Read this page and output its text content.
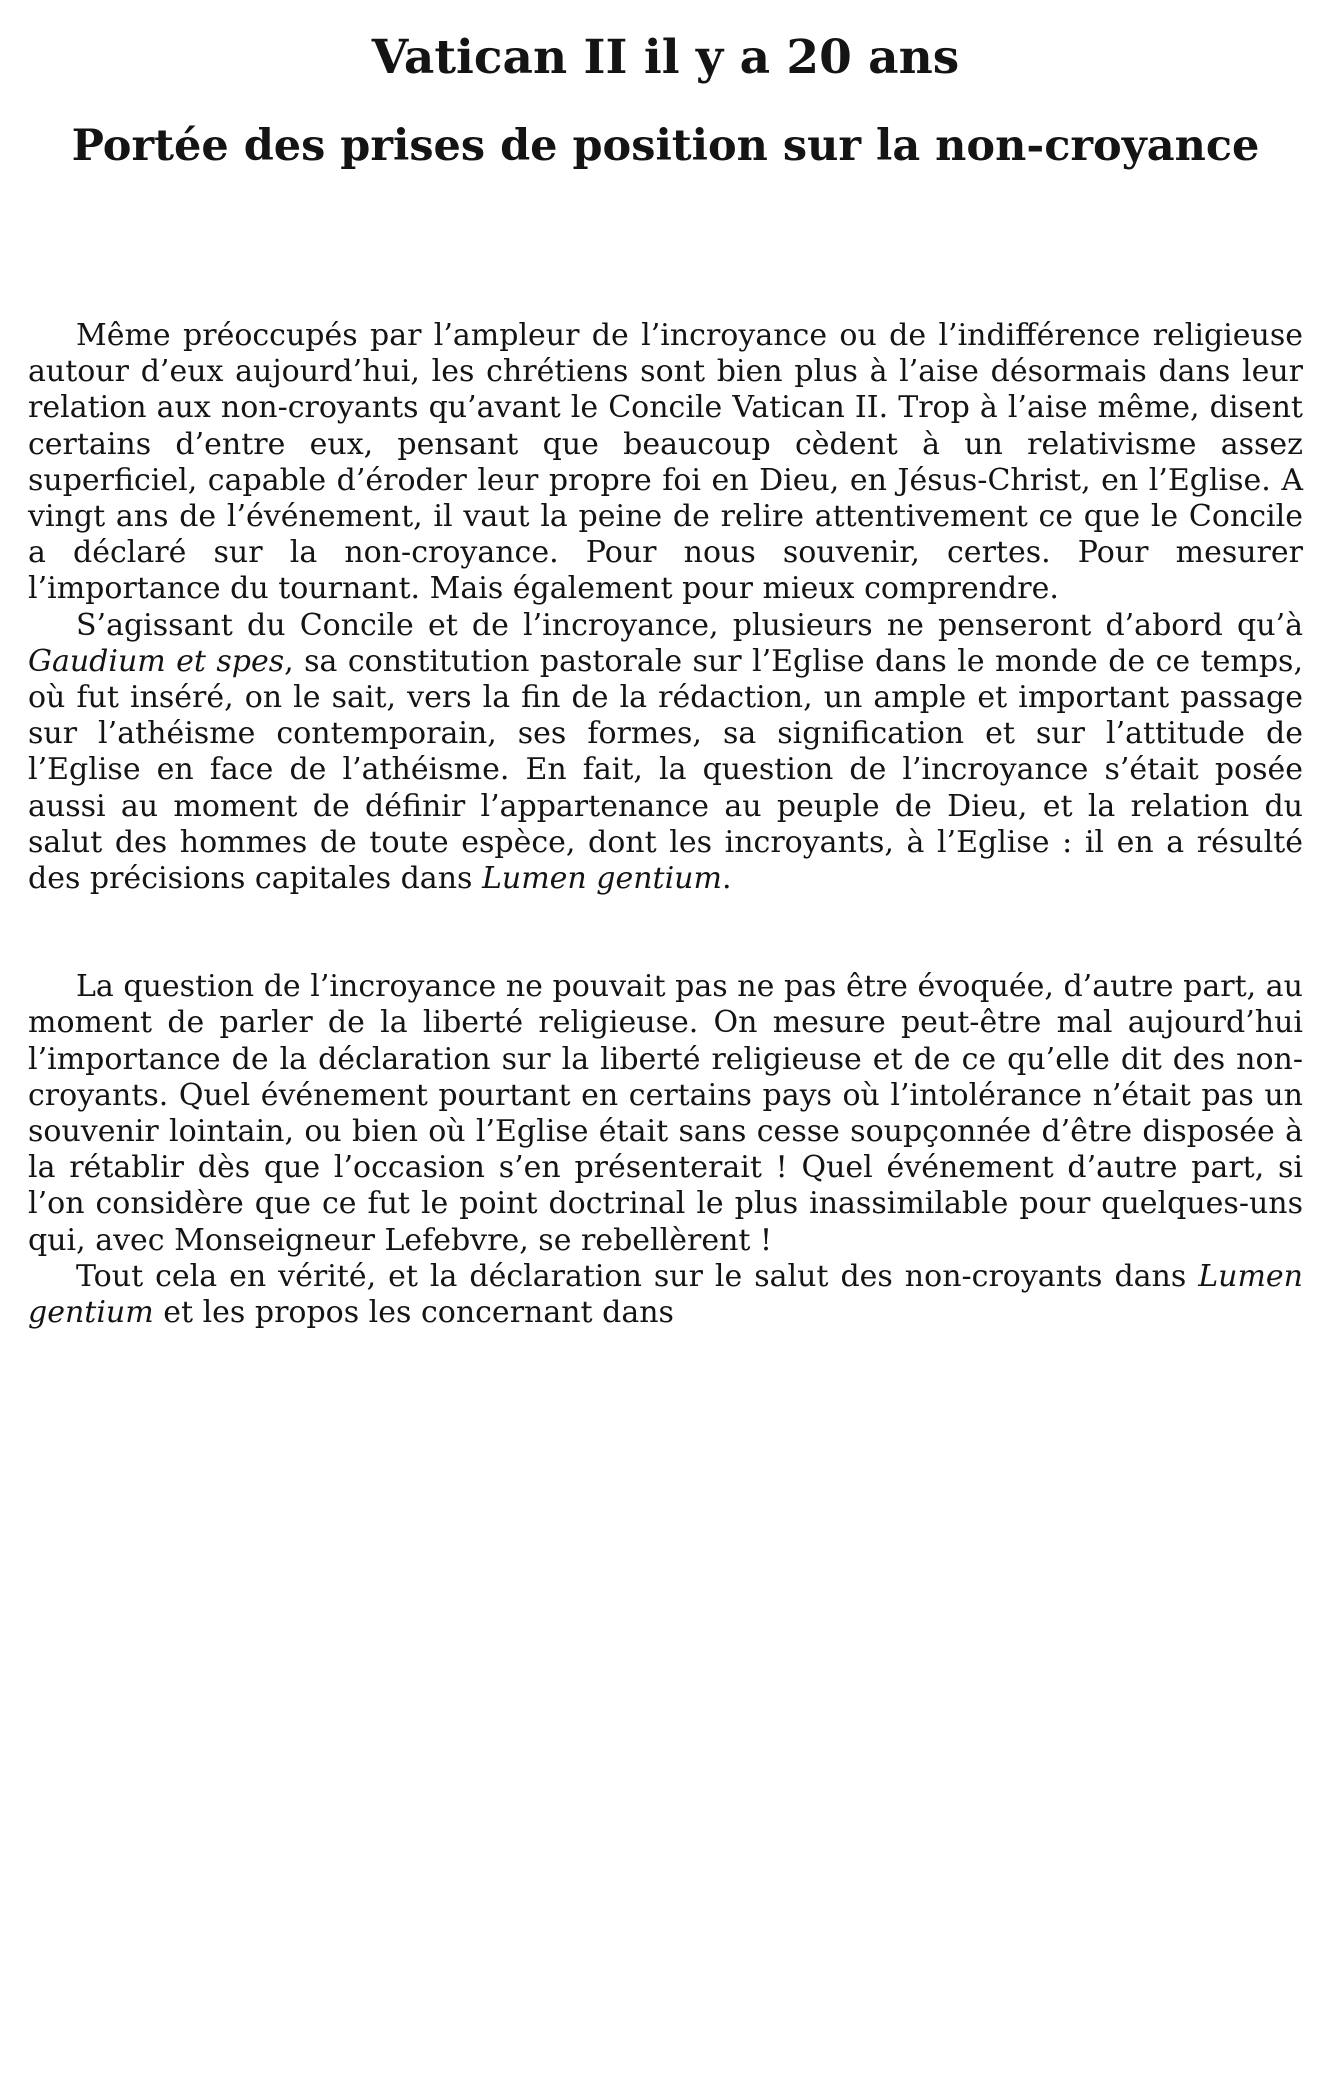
Vatican II il y a 20 ans
Portée des prises de position sur la non-croyance

Même préoccupés par l’ampleur de l’incroyance ou de l’indifférence religieuse autour d’eux aujourd’hui, les chrétiens sont bien plus à l’aise désormais dans leur relation aux non-croyants qu’avant le Concile Vatican II. Trop à l’aise même, disent certains d’entre eux, pensant que beaucoup cèdent à un relativisme assez superficiel, capable d’éroder leur propre foi en Dieu, en Jésus-Christ, en l’Eglise. A vingt ans de l’événement, il vaut la peine de relire attentivement ce que le Concile a déclaré sur la non-croyance. Pour nous souvenir, certes. Pour mesurer l’importance du tournant. Mais également pour mieux comprendre.

S’agissant du Concile et de l’incroyance, plusieurs ne penseront d’abord qu’à Gaudium et spes, sa constitution pastorale sur l’Eglise dans le monde de ce temps, où fut inséré, on le sait, vers la fin de la rédaction, un ample et important passage sur l’athéisme contemporain, ses formes, sa signification et sur l’attitude de l’Eglise en face de l’athéisme. En fait, la question de l’incroyance s’était posée aussi au moment de définir l’appartenance au peuple de Dieu, et la relation du salut des hommes de toute espèce, dont les incroyants, à l’Eglise : il en a résulté des précisions capitales dans Lumen gentium.

La question de l’incroyance ne pouvait pas ne pas être évoquée, d’autre part, au moment de parler de la liberté religieuse. On mesure peut-être mal aujourd’hui l’importance de la déclaration sur la liberté religieuse et de ce qu’elle dit des non-croyants. Quel événement pourtant en certains pays où l’intolérance n’était pas un souvenir lointain, ou bien où l’Eglise était sans cesse soupçonnée d’être disposée à la rétablir dès que l’occasion s’en présenterait ! Quel événement d’autre part, si l’on considère que ce fut le point doctrinal le plus inassimilable pour quelques-uns qui, avec Monseigneur Lefebvre, se rebellèrent !

Tout cela en vérité, et la déclaration sur le salut des non-croyants dans Lumen gentium et les propos les concernant dans
